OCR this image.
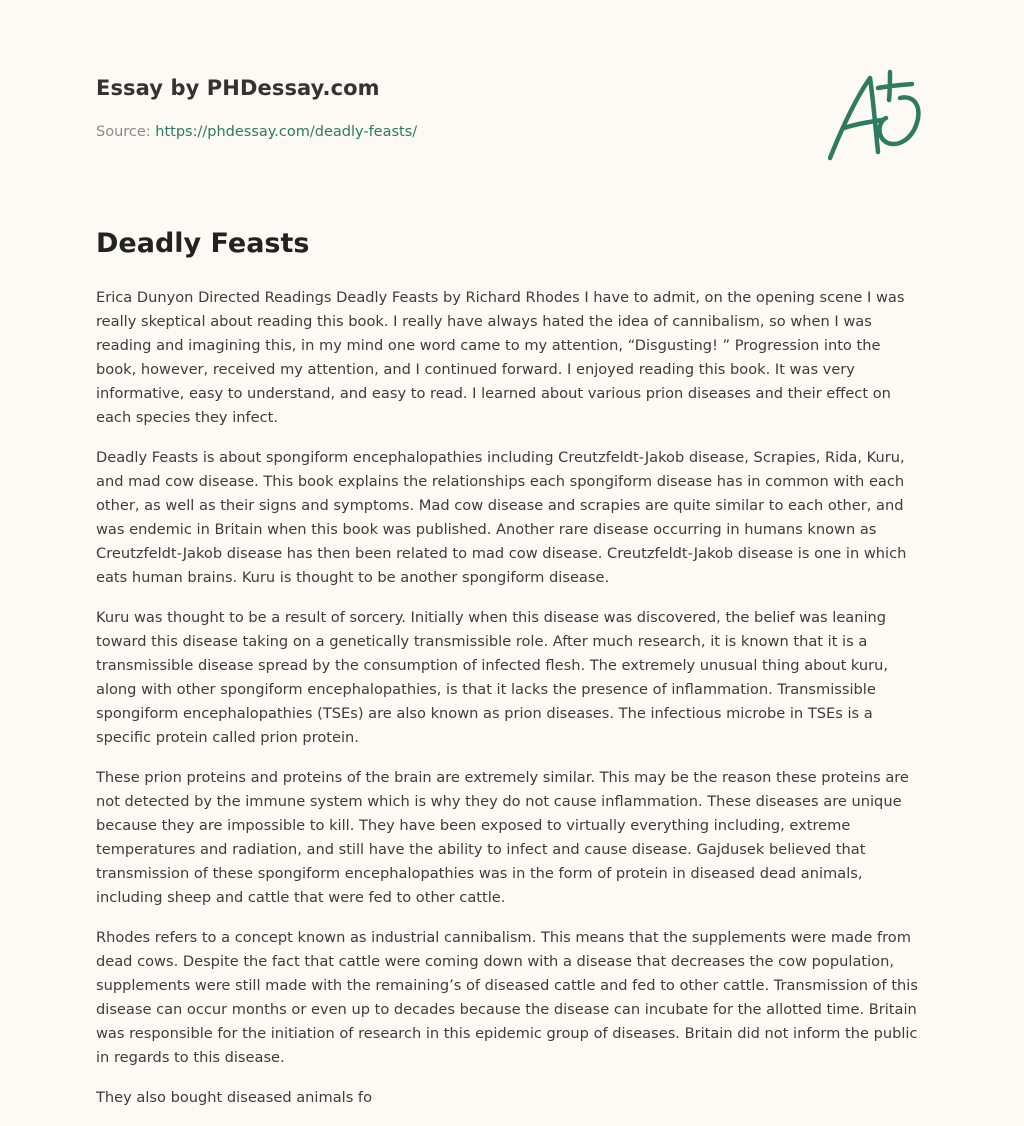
Essay by PHDessay.com
Source: https://phdessay.com/deadly-feasts/
Deadly Feasts

Erica Dunyon Directed Readings Deadly Feasts by Richard Rhodes I have to admit, on the opening scene I was really skeptical about reading this book. I really have always hated the idea of cannibalism, so when I was reading and imagining this, in my mind one word came to my attention, “Disgusting! ” Progression into the book, however, received my attention, and I continued forward. I enjoyed reading this book. It was very informative, easy to understand, and easy to read. I learned about various prion diseases and their effect on each species they infect.

Deadly Feasts is about spongiform encephalopathies including Creutzfeldt-Jakob disease, Scrapies, Rida, Kuru, and mad cow disease. This book explains the relationships each spongiform disease has in common with each other, as well as their signs and symptoms. Mad cow disease and scrapies are quite similar to each other, and was endemic in Britain when this book was published. Another rare disease occurring in humans known as Creutzfeldt-Jakob disease has then been related to mad cow disease. Creutzfeldt-Jakob disease is one in which eats human brains. Kuru is thought to be another spongiform disease.

Kuru was thought to be a result of sorcery. Initially when this disease was discovered, the belief was leaning toward this disease taking on a genetically transmissible role. After much research, it is known that it is a transmissible disease spread by the consumption of infected flesh. The extremely unusual thing about kuru, along with other spongiform encephalopathies, is that it lacks the presence of inflammation. Transmissible spongiform encephalopathies (TSEs) are also known as prion diseases. The infectious microbe in TSEs is a specific protein called prion protein.

These prion proteins and proteins of the brain are extremely similar. This may be the reason these proteins are not detected by the immune system which is why they do not cause inflammation. These diseases are unique because they are impossible to kill. They have been exposed to virtually everything including, extreme temperatures and radiation, and still have the ability to infect and cause disease. Gajdusek believed that transmission of these spongiform encephalopathies was in the form of protein in diseased dead animals, including sheep and cattle that were fed to other cattle.

Rhodes refers to a concept known as industrial cannibalism. This means that the supplements were made from dead cows. Despite the fact that cattle were coming down with a disease that decreases the cow population, supplements were still made with the remaining’s of diseased cattle and fed to other cattle. Transmission of this disease can occur months or even up to decades because the disease can incubate for the allotted time. Britain was responsible for the initiation of research in this epidemic group of diseases. Britain did not inform the public in regards to this disease.

They also bought diseased animals fo
